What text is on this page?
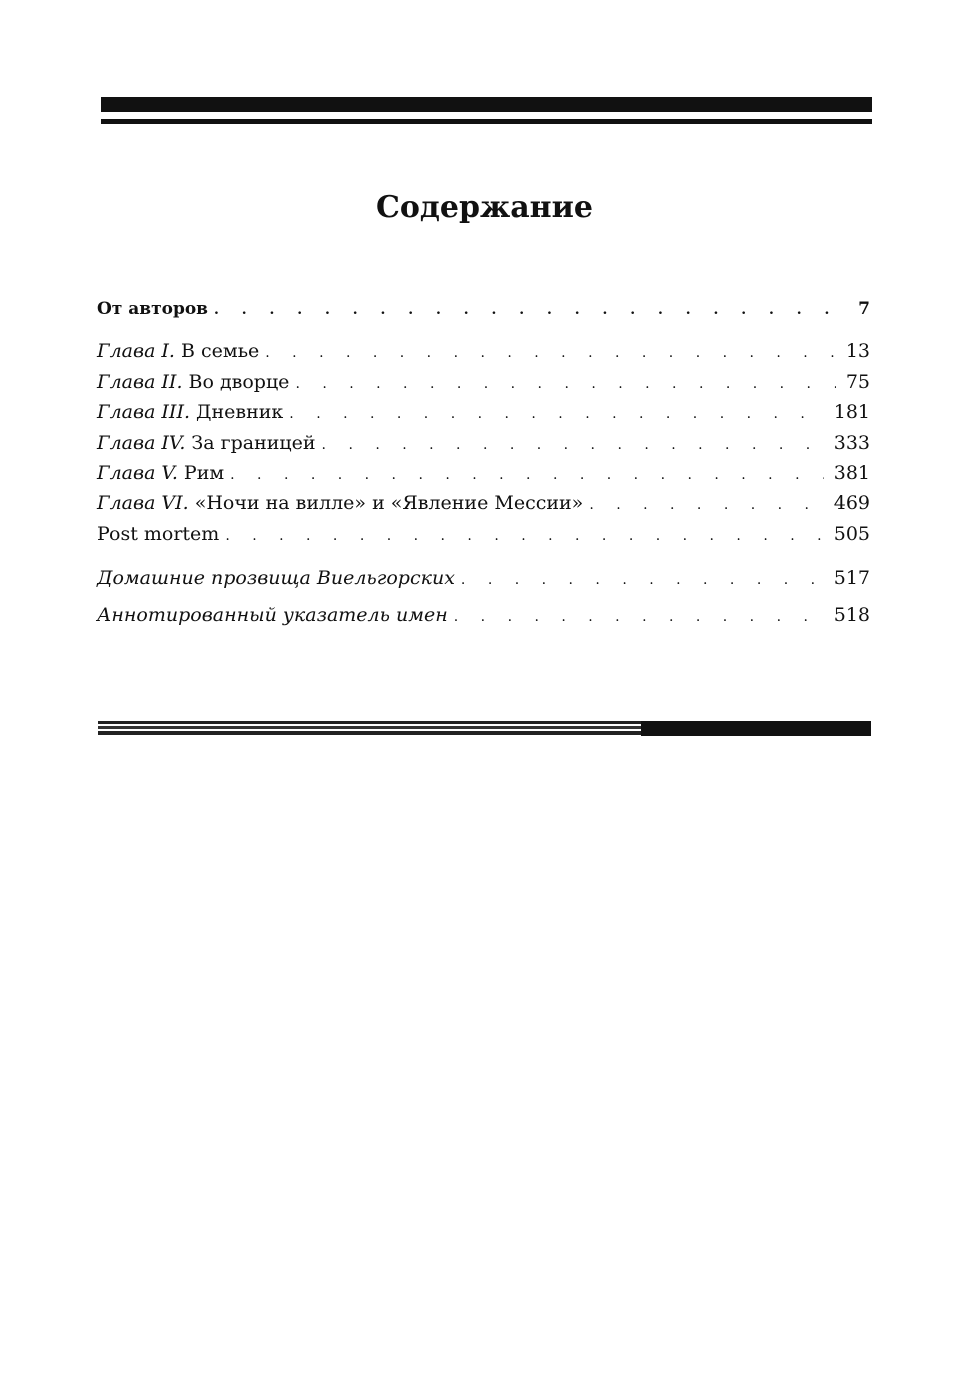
Содержание
От авторов . . .	7
Глава I. В семье . . .	13
Глава II. Во дворце . . .	75
Глава III. Дневник . . .	181
Глава IV. За границей . . .	333
Глава V. Рим . . .	381
Глава VI. «Ночи на вилле» и «Явление Мессии» . . .	469
Post mortem . . .	505
Домашние прозвища Виельгорских . . .	517
Аннотированный указатель имен . . .	518
